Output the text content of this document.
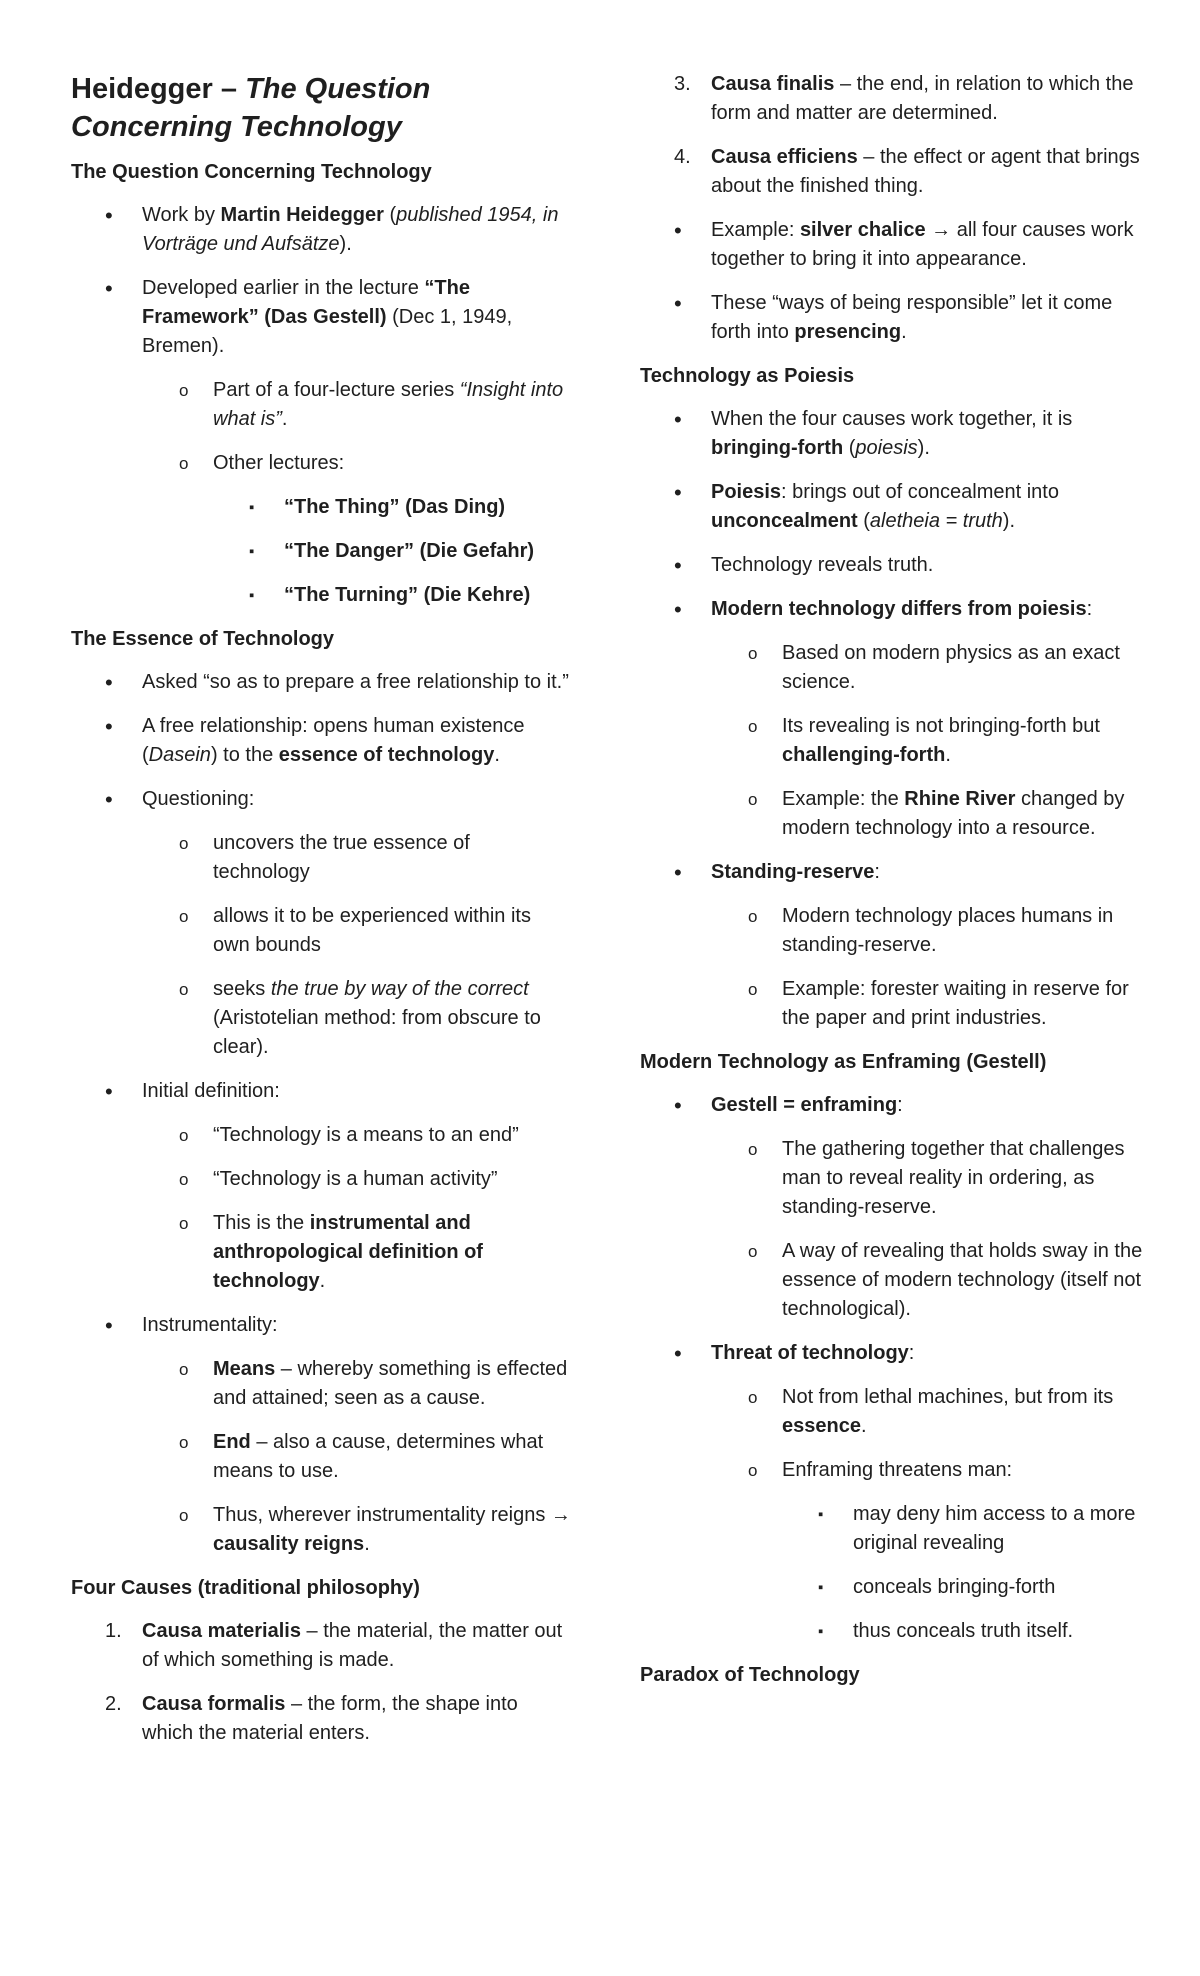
Heidegger – The Question Concerning Technology
The Question Concerning Technology
• Work by Martin Heidegger (published 1954, in Vorträge und Aufsätze).
• Developed earlier in the lecture “The Framework” (Das Gestell) (Dec 1, 1949, Bremen).
o Part of a four-lecture series “Insight into what is”.
o Other lectures:
▪ “The Thing” (Das Ding)
▪ “The Danger” (Die Gefahr)
▪ “The Turning” (Die Kehre)
The Essence of Technology
• Asked “so as to prepare a free relationship to it.”
• A free relationship: opens human existence (Dasein) to the essence of technology.
• Questioning:
o uncovers the true essence of technology
o allows it to be experienced within its own bounds
o seeks the true by way of the correct (Aristotelian method: from obscure to clear).
• Initial definition:
o “Technology is a means to an end”
o “Technology is a human activity”
o This is the instrumental and anthropological definition of technology.
• Instrumentality:
o Means – whereby something is effected and attained; seen as a cause.
o End – also a cause, determines what means to use.
o Thus, wherever instrumentality reigns → causality reigns.
Four Causes (traditional philosophy)
1. Causa materialis – the material, the matter out of which something is made.
2. Causa formalis – the form, the shape into which the material enters.
3. Causa finalis – the end, in relation to which the form and matter are determined.
4. Causa efficiens – the effect or agent that brings about the finished thing.
• Example: silver chalice → all four causes work together to bring it into appearance.
• These “ways of being responsible” let it come forth into presencing.
Technology as Poiesis
• When the four causes work together, it is bringing-forth (poiesis).
• Poiesis: brings out of concealment into unconcealment (aletheia = truth).
• Technology reveals truth.
• Modern technology differs from poiesis:
o Based on modern physics as an exact science.
o Its revealing is not bringing-forth but challenging-forth.
o Example: the Rhine River changed by modern technology into a resource.
• Standing-reserve:
o Modern technology places humans in standing-reserve.
o Example: forester waiting in reserve for the paper and print industries.
Modern Technology as Enframing (Gestell)
• Gestell = enframing:
o The gathering together that challenges man to reveal reality in ordering, as standing-reserve.
o A way of revealing that holds sway in the essence of modern technology (itself not technological).
• Threat of technology:
o Not from lethal machines, but from its essence.
o Enframing threatens man:
▪ may deny him access to a more original revealing
▪ conceals bringing-forth
▪ thus conceals truth itself.
Paradox of Technology
